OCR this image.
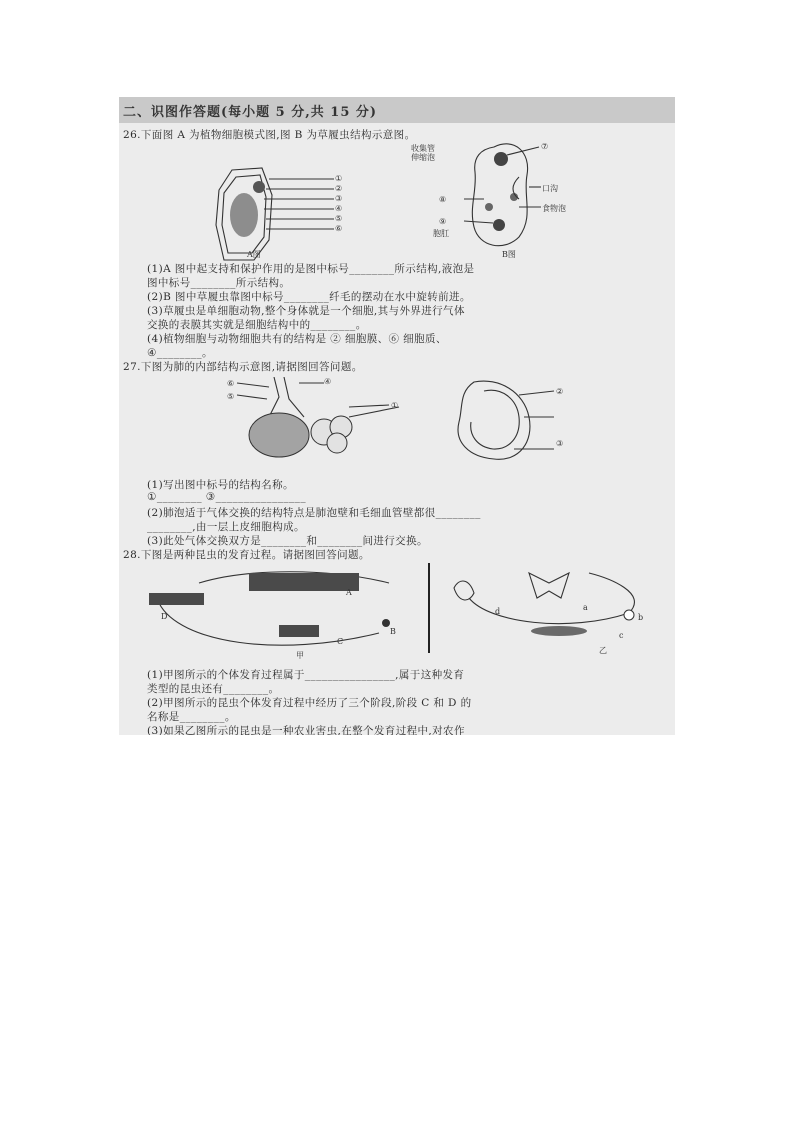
二、识图作答题(每小题 5 分,共 15 分)
26.下面图 A 为植物细胞模式图,图 B 为草履虫结构示意图。
①
②
③
④
⑤
⑥
A图
收集管
伸缩泡
⑦
口沟
⑧
食物泡
⑨
胞肛
B图
(1)A 图中起支持和保护作用的是图中标号________所示结构,液泡是
图中标号________所示结构。
(2)B 图中草履虫靠图中标号________纤毛的摆动在水中旋转前进。
(3)草履虫是单细胞动物,整个身体就是一个细胞,其与外界进行气体
交换的表膜其实就是细胞结构中的________。
(4)植物细胞与动物细胞共有的结构是 ② 细胞膜、⑥ 细胞质、
④________。
27.下图为肺的内部结构示意图,请据图回答问题。
⑥
⑤
④
①
②
③
(1)写出图中标号的结构名称。
①________ ③________________
(2)肺泡适于气体交换的结构特点是肺泡壁和毛细血管壁都很________
________,由一层上皮细胞构成。
(3)此处气体交换双方是________和________间进行交换。
28.下图是两种昆虫的发育过程。请据图回答问题。
A
B
C
D
甲
a
b
c
d
乙
(1)甲图所示的个体发育过程属于________________,属于这种发育
类型的昆虫还有________。
(2)甲图所示的昆虫个体发育过程中经历了三个阶段,阶段 C 和 D 的
名称是________。
(3)如果乙图所示的昆虫是一种农业害虫,在整个发育过程中,对农作
